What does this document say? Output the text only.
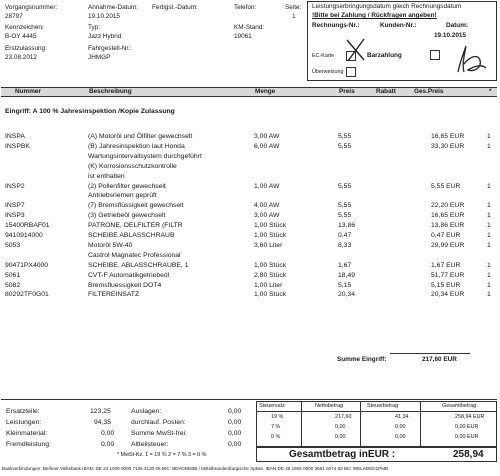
Vorgangsnummer:
28797
Annahme-Datum:
19.10.2015
Fertigst.-Datum:	Telefon:	Seite:
1
Kennzeichen:
B-OY 4445
Typ:
Jazz Hybrid
KM-Stand:
19061
Erstzulassung:
23.08.2012
Fahrgestell-Nr.:
JHMGP
Leistungserbringungsdatum gleich Rechnungsdatum
!Bitte bei Zahlung / Rückfragen angeben!
Rechnungs-Nr.:	Kunden-Nr.:	Datum:
19.10.2015
EC-Karte	Barzahlung
Überweisung
Nummer	Beschreibung	Menge	Preis	Rabatt	Ges.Preis	*
Eingriff: A 100 % Jahresinspektion /Kopie Zulassung
INSPA	(A) Motoröl und Ölfilter gewechselt	3,00 AW	5,55	16,65 EUR	1
INSPBK	(B) Jahresinspektion laut Honda	6,00 AW	5,55	33,30 EUR	1
Wartungsintervallsystem durchgeführt
(K) Korrosionsschutzkontrolle
ist enthalten
INSP2	(2) Pollenfilter gewechselt	1,00 AW	5,55	5,55 EUR	1
Antriebsriemen geprüft
INSP7	(7) Bremsflüssigkeit gewechselt	4,00 AW	5,55	22,20 EUR	1
INSP3	(3) Getriebeöl gewechselt	3,00 AW	5,55	16,65 EUR	1
15400RBAF01	PATRONE, OELFILTER (FILTR	1,00 Stück	13,86	13,86 EUR	1
9410914000	SCHEIBE ABLASSCHRAUB	1,00 Stück	0,47	0,47 EUR	1
5053	Motoröl 5W-40	3,60 Liter	8,33	29,99 EUR	1
Castrol Magnatec Professional
90471PX4000	SCHEIBE, ABLASSCHRAUBE, 1	1,00 Stück	1,67	1,67 EUR	1
5061	CVT-F Automatikgetriebeöl	2,80 Stück	18,49	51,77 EUR	1
5082	Bremsfluessigkeit DOT4	1,00 Liter	5,15	5,15 EUR	1
80292TF0G01	FILTEREINSATZ	1,00 Stück	20,34	20,34 EUR	1
Summe Eingriff:	217,60 EUR
Ersatzteile:	123,25
Leistungen:	94,35
Kleinmaterial:	0,00
Fremdleistung:	0,00
Auslagen:	0,00
durchlauf. Posten:	0,00
Summe MwSt-frei:	0,00
Altteilsteuer:	0,00
* MwSt-Kz. 1 = 19 % 2 = 7 % 3 = 0 %
Steuersatz	Nettobetrag	Steuerbetrag	Gesamtbetrag
19 %	217,60	41,34	258,94 EUR
7 %	0,00	0,00	0,00 EUR
0 %	0,00	0,00	0,00 EUR
Gesamtbetrag inEUR :	258,94
Bankverbindungen: Berliner Volksbank IBAN: DE 23 1009 0000 7125 3130 05 BIC: BEVODEBB / Mittelbrandenburgische Spkse. IBAN DE 45 1605 0000 3661 0274 83 BIC WELADED1PMB
